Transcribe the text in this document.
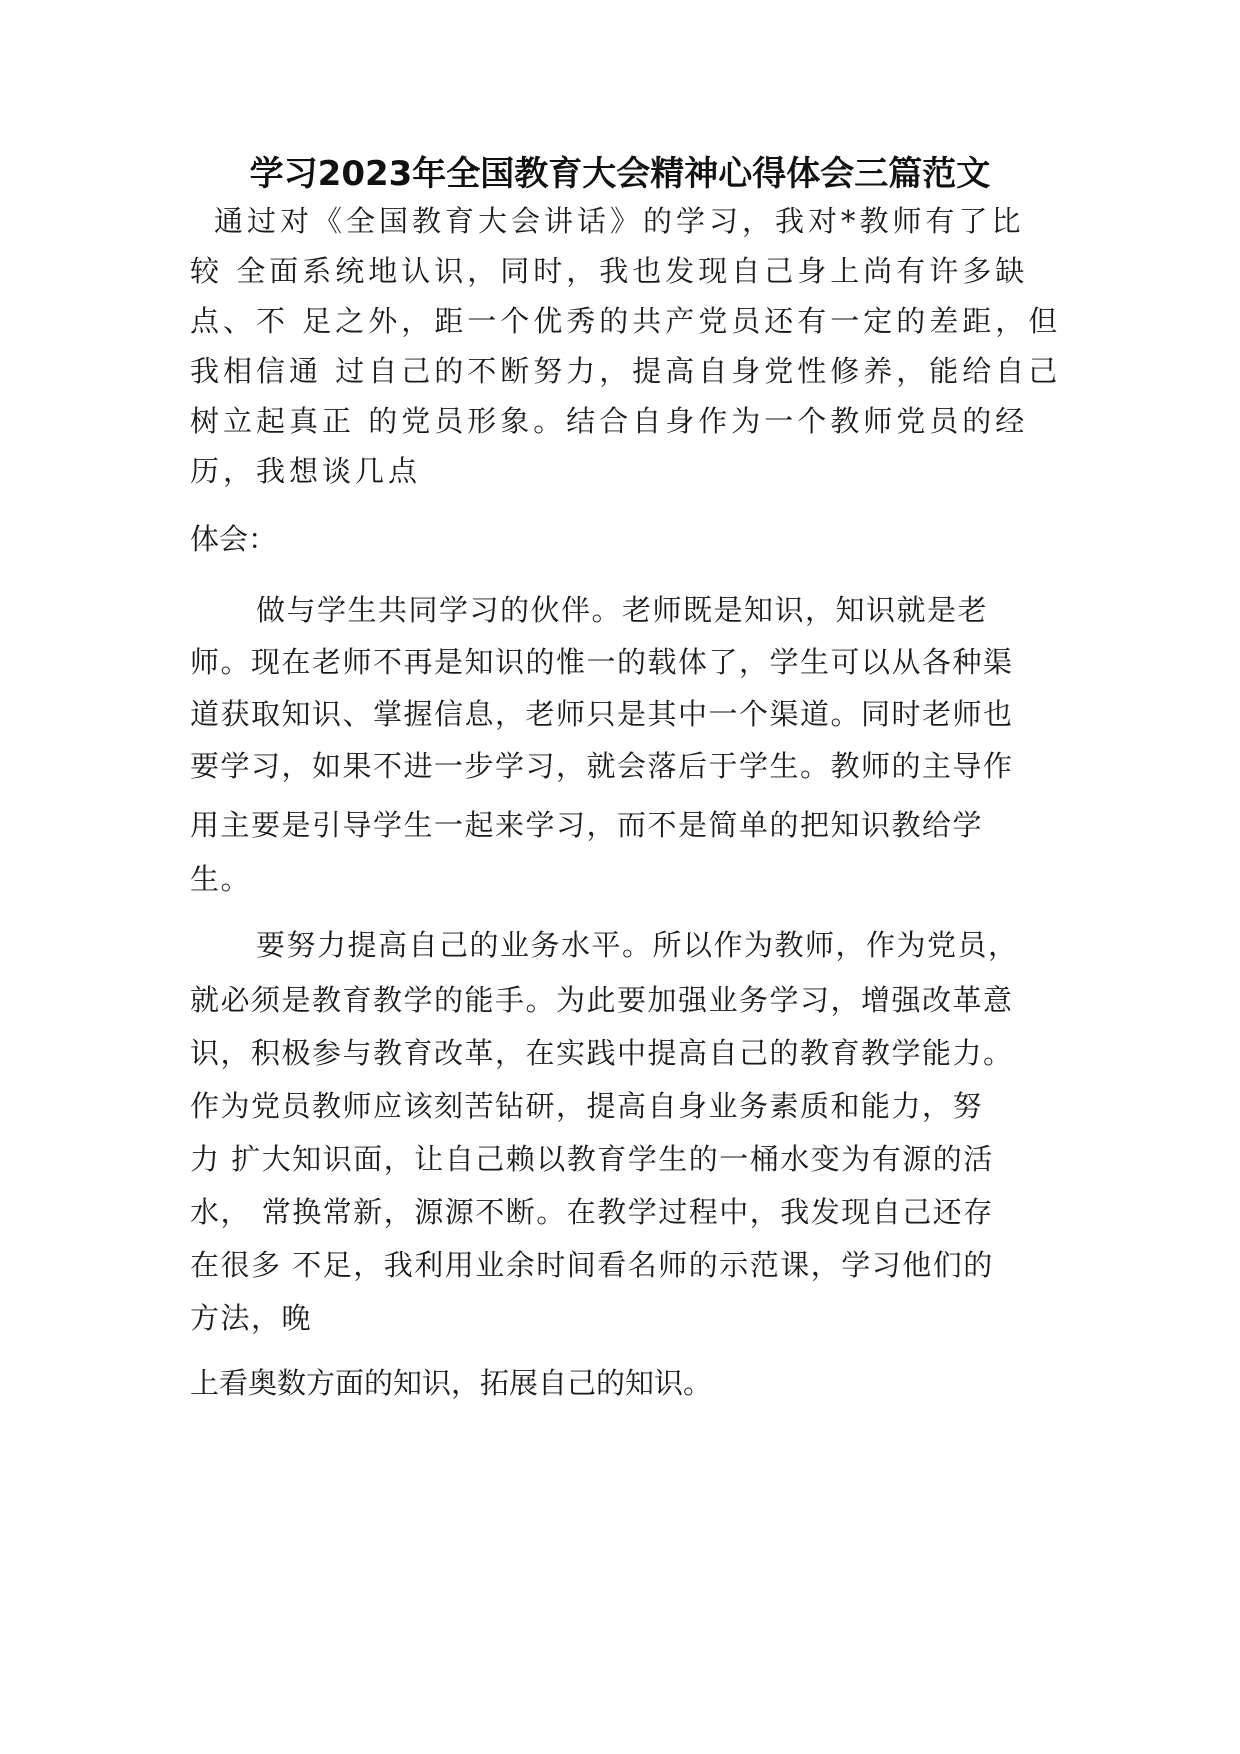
学习2023年全国教育大会精神心得体会三篇范文
通过对《全国教育大会讲话》的学习，我对*教师有了比
较 全面系统地认识，同时，我也发现自己身上尚有许多缺
点、不 足之外，距一个优秀的共产党员还有一定的差距，但
我相信通 过自己的不断努力，提高自身党性修养，能给自己
树立起真正 的党员形象。结合自身作为一个教师党员的经
历，我想谈几点
体会：
做与学生共同学习的伙伴。老师既是知识，知识就是老
师。现在老师不再是知识的惟一的载体了，学生可以从各种渠
道获取知识、掌握信息，老师只是其中一个渠道。同时老师也
要学习，如果不进一步学习，就会落后于学生。教师的主导作
用主要是引导学生一起来学习，而不是简单的把知识教给学
生。
要努力提高自己的业务水平。所以作为教师，作为党员，
就必须是教育教学的能手。为此要加强业务学习，增强改革意
识，积极参与教育改革，在实践中提高自己的教育教学能力。
作为党员教师应该刻苦钻研，提高自身业务素质和能力，努
力 扩大知识面，让自己赖以教育学生的一桶水变为有源的活
水， 常换常新，源源不断。在教学过程中，我发现自己还存
在很多 不足，我利用业余时间看名师的示范课，学习他们的
方法，晚
上看奥数方面的知识，拓展自己的知识。
